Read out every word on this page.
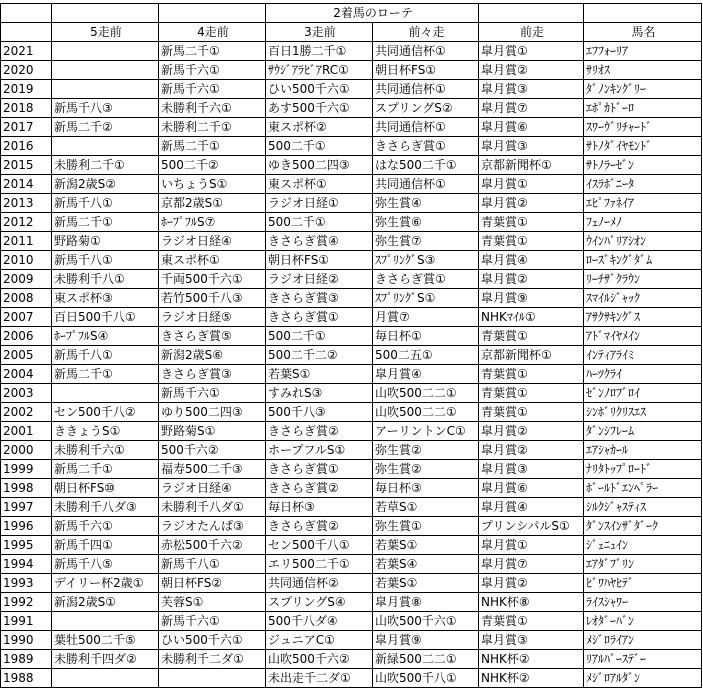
			2着馬のローテ			
	5走前	4走前	3走前	前々走	前走	馬名
2021		新馬二千①	百日1勝二千①	共同通信杯①	皐月賞①	ｴﾌﾌｫｰﾘｱ
2020		新馬千六①	ｻｳｼﾞｱﾗﾋﾞｱRC①	朝日杯FS①	皐月賞②	ｻﾘｵｽ
2019		新馬千六①	ひい500千六①	共同通信杯①	皐月賞③	ﾀﾞﾉﾝｷﾝｸﾞﾘｰ
2018	新馬千八③	未勝利千六①	あす500千六①	スプリングS②	皐月賞⑦	ｴﾎﾟｶﾄﾞｰﾛ
2017	新馬二千②	未勝利二千①	東スポ杯②	共同通信杯①	皐月賞⑥	ｽﾜｰｳﾞﾘﾁｬｰﾄﾞ
2016		新馬二千①	500二千①	きさらぎ賞①	皐月賞③	ｻﾄﾉﾀﾞｲﾔﾓﾝﾄﾞ
2015	未勝利二千①	500二千②	ゆき500二四③	はな500二千①	京都新聞杯①	ｻﾄﾉﾗｰｾﾞﾝ
2014	新潟2歳S②	いちょうS①	東スポ杯①	共同通信杯①	皐月賞①	ｲｽﾗﾎﾞﾆｰﾀ
2013	新馬千八①	京都2歳S①	ラジオ日経①	弥生賞④	皐月賞②	ｴﾋﾟﾌｧﾈｲｱ
2012	新馬二千①	ﾎｰﾌﾟﾌﾙS⑦	500二千①	弥生賞⑥	青葉賞①	ﾌｪﾉｰﾒﾉ
2011	野路菊①	ラジオ日経④	きさらぎ賞④	弥生賞⑦	青葉賞①	ｳｲﾝﾊﾞﾘｱｼｵﾝ
2010	新馬千八①	東スポ杯①	朝日杯FS①	ｽﾌﾟﾘﾝｸﾞS③	皐月賞④	ﾛｰｽﾞｷﾝｸﾞﾀﾞﾑ
2009	未勝利千八①	千両500千六①	ラジオ日経②	きさらぎ賞①	皐月賞②	ﾘｰﾁｻﾞｸﾗｳﾝ
2008	東スポ杯③	若竹500千八③	きさらぎ賞③	ｽﾌﾟﾘﾝｸﾞS①	皐月賞⑨	ｽﾏｲﾙｼﾞｬｯｸ
2007	百日500千八①	ラジオ日経⑤	きさらぎ賞①	月賞⑦	NHKﾏｲﾙ①	ｱｻｸｻｷﾝｸﾞｽ
2006	ﾎｰﾌﾟﾌﾙS④	きさらぎ賞⑤	500二千①	毎日杯①	青葉賞①	ｱﾄﾞﾏｲﾔﾒｲﾝ
2005	新馬千八①	新潟2歳S⑥	500二千二②	500二五①	京都新聞杯①	ｲﾝﾃｨｱﾗｲﾐ
2004	新馬二千①	きさらぎ賞③	若葉S①	皐月賞④	青葉賞①	ﾊｰﾂｸﾗｲ
2003		新馬千六①	すみれS③	山吹500二二①	青葉賞①	ｾﾞﾝﾉﾛﾌﾞﾛｲ
2002	セン500千八②	ゆり500二四③	500千八③	山吹500二二①	青葉賞①	ｼﾝﾎﾞﾘｸﾘｽｴｽ
2001	ききょうS①	野路菊S①	きさらぎ賞②	アーリントンC①	皐月賞②	ﾀﾞﾝｼﾌﾚｰﾑ
2000	未勝利千六①	500千六②	ホープフルS①	弥生賞②	皐月賞②	ｴｱｼｬｶｰﾙ
1999	新馬二千①	福寿500二千③	きさらぎ賞①	弥生賞②	皐月賞③	ﾅﾘﾀﾄｯﾌﾟﾛｰﾄﾞ
1998	朝日杯FS⑩	ラジオ日経④	きさらぎ賞②	毎日杯③	皐月賞⑥	ﾎﾞｰﾙﾄﾞｴﾝﾍﾟﾗｰ
1997	未勝利千八ダ③	未勝利千八ダ①	毎日杯③	若草S①	皐月賞④	ｼﾙｸｼﾞｬｽﾃｨｽ
1996	新馬千六①	ラジオたんぱ③	きさらぎ賞②	弥生賞①	プリンシパルS①	ﾀﾞﾝｽｲﾝｻﾞﾀﾞｰｸ
1995	新馬千四①	赤松500千六②	セン500千八①	若葉S①	皐月賞①	ｼﾞｪﾆｭｲﾝ
1994	新馬千八⑤	新馬千八①	エリ500二千①	若葉S④	皐月賞⑦	ｴｱﾀﾞﾌﾞﾘﾝ
1993	デイリー杯2歳①	朝日杯FS②	共同通信杯②	若葉S①	皐月賞②	ﾋﾞﾜﾊﾔﾋﾃﾞ
1992	新潟2歳S①	芙蓉S①	スプリングS④	皐月賞⑧	NHK杯⑧	ﾗｲｽｼｬﾜｰ
1991		新馬千六①	500千八ダ④	山吹500千六①	青葉賞①	ﾚｵﾀﾞｰﾊﾞﾝ
1990	葉牡500二千⑤	ひい500千六①	ジュニアC①	皐月賞⑨	皐月賞③	ﾒｼﾞﾛﾗｲｱﾝ
1989	未勝利千四ダ②	未勝利千二ダ①	山吹500千六②	新緑500二二①	NHK杯②	ﾘｱﾙﾊﾞｰｽﾃﾞｰ
1988			未出走千二ダ①	山吹500千八①	NHK杯②	ﾒｼﾞﾛｱﾙﾀﾞﾝ
